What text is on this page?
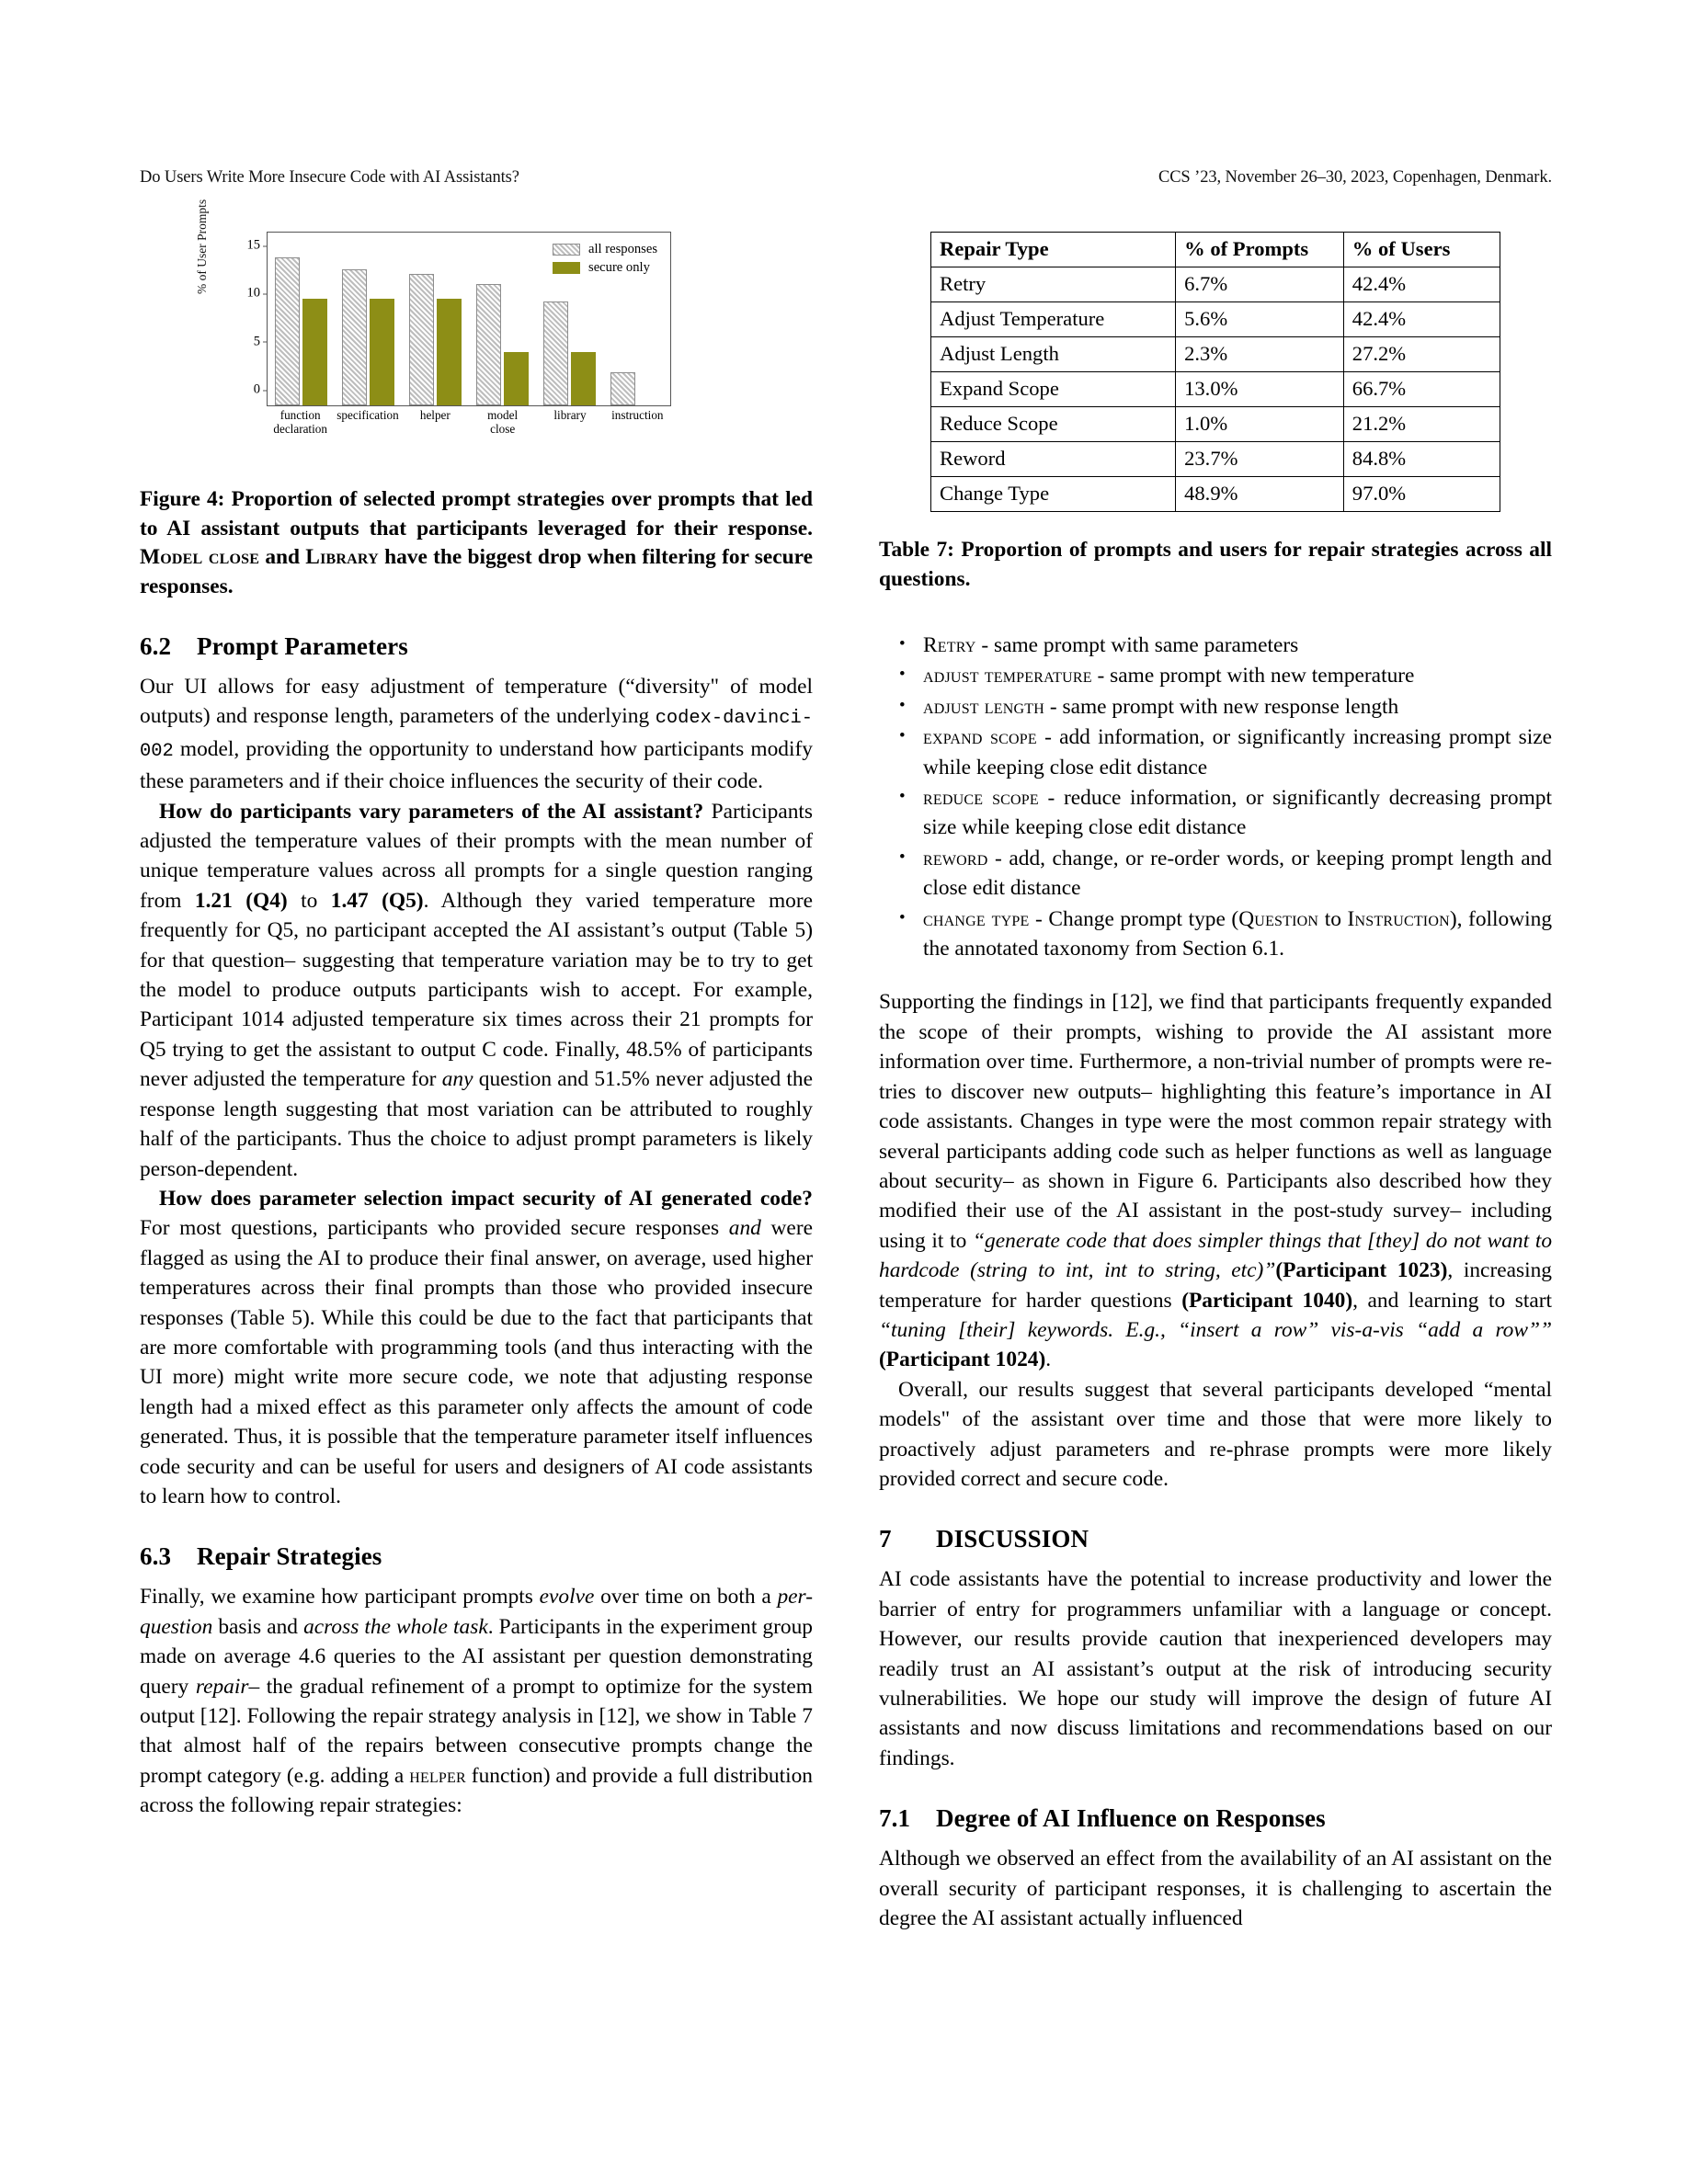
Do Users Write More Insecure Code with AI Assistants?	CCS ’23, November 26–30, 2023, Copenhagen, Denmark.
% of User Prompts
0
5
10
15	all responses
secure only
function
declaration
specification	helper	model
close
library	instruction

Figure 4: Proportion of selected prompt strategies over prompts that led to AI assistant outputs that participants leveraged for their response. Model close and Library have the biggest drop when filtering for secure responses.

6.2 Prompt Parameters

Our UI allows for easy adjustment of temperature (“diversity" of model outputs) and response length, parameters of the underlying codex-davinci-002 model, providing the opportunity to understand how participants modify these parameters and if their choice influences the security of their code.

How do participants vary parameters of the AI assistant? Participants adjusted the temperature values of their prompts with the mean number of unique temperature values across all prompts for a single question ranging from 1.21 (Q4) to 1.47 (Q5). Although they varied temperature more frequently for Q5, no participant accepted the AI assistant’s output (Table 5) for that question– suggesting that temperature variation may be to try to get the model to produce outputs participants wish to accept. For example, Participant 1014 adjusted temperature six times across their 21 prompts for Q5 trying to get the assistant to output C code. Finally, 48.5% of participants never adjusted the temperature for any question and 51.5% never adjusted the response length suggesting that most variation can be attributed to roughly half of the participants. Thus the choice to adjust prompt parameters is likely person-dependent.

How does parameter selection impact security of AI generated code? For most questions, participants who provided secure responses and were flagged as using the AI to produce their final answer, on average, used higher temperatures across their final prompts than those who provided insecure responses (Table 5). While this could be due to the fact that participants that are more comfortable with programming tools (and thus interacting with the UI more) might write more secure code, we note that adjusting response length had a mixed effect as this parameter only affects the amount of code generated. Thus, it is possible that the temperature parameter itself influences code security and can be useful for users and designers of AI code assistants to learn how to control.

6.3 Repair Strategies

Finally, we examine how participant prompts evolve over time on both a per-question basis and across the whole task. Participants in the experiment group made on average 4.6 queries to the AI assistant per question demonstrating query repair– the gradual refinement of a prompt to optimize for the system output [12]. Following the repair strategy analysis in [12], we show in Table 7 that almost half of the repairs between consecutive prompts change the prompt category (e.g. adding a helper function) and provide a full distribution across the following repair strategies:

Repair Type	% of Prompts	% of Users
Retry	6.7%	42.4%
Adjust Temperature	5.6%	42.4%
Adjust Length	2.3%	27.2%
Expand Scope	13.0%	66.7%
Reduce Scope	1.0%	21.2%
Reword	23.7%	84.8%
Change Type	48.9%	97.0%

Table 7: Proportion of prompts and users for repair strategies across all questions.

• Retry - same prompt with same parameters
• adjust temperature - same prompt with new temperature
• adjust length - same prompt with new response length
• expand scope - add information, or significantly increasing prompt size while keeping close edit distance
• reduce scope - reduce information, or significantly decreasing prompt size while keeping close edit distance
• reword - add, change, or re-order words, or keeping prompt length and close edit distance
• change type - Change prompt type (Question to Instruction), following the annotated taxonomy from Section 6.1.

Supporting the findings in [12], we find that participants frequently expanded the scope of their prompts, wishing to provide the AI assistant more information over time. Furthermore, a non-trivial number of prompts were re-tries to discover new outputs– highlighting this feature’s importance in AI code assistants. Changes in type were the most common repair strategy with several participants adding code such as helper functions as well as language about security– as shown in Figure 6. Participants also described how they modified their use of the AI assistant in the post-study survey– including using it to “generate code that does simpler things that [they] do not want to hardcode (string to int, int to string, etc)”(Participant 1023), increasing temperature for harder questions (Participant 1040), and learning to start “tuning [their] keywords. E.g., “insert a row” vis-a-vis “add a row”” (Participant 1024).

Overall, our results suggest that several participants developed “mental models" of the assistant over time and those that were more likely to proactively adjust parameters and re-phrase prompts were more likely provided correct and secure code.

7 DISCUSSION

AI code assistants have the potential to increase productivity and lower the barrier of entry for programmers unfamiliar with a language or concept. However, our results provide caution that inexperienced developers may readily trust an AI assistant’s output at the risk of introducing security vulnerabilities. We hope our study will improve the design of future AI assistants and now discuss limitations and recommendations based on our findings.

7.1 Degree of AI Influence on Responses

Although we observed an effect from the availability of an AI assistant on the overall security of participant responses, it is challenging to ascertain the degree the AI assistant actually influenced
